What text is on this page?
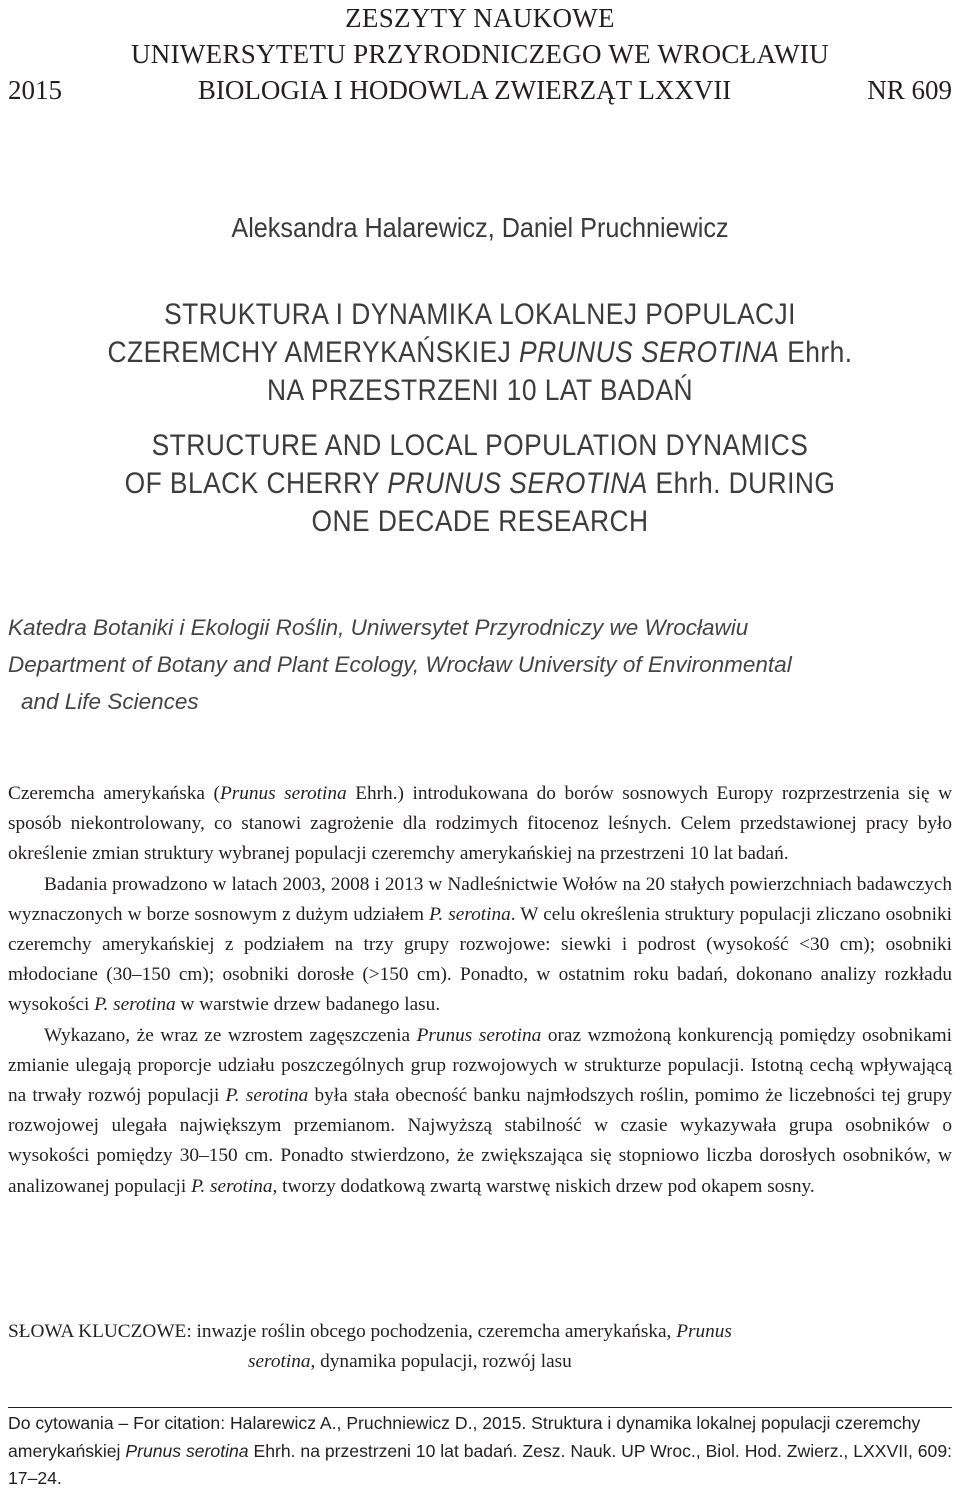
ZESZYTY NAUKOWE
UNIWERSYTETU PRZYRODNICZEGO WE WROCŁAWIU
2015	BIOLOGIA I HODOWLA ZWIERZĄT LXXVII	NR 609
Aleksandra Halarewicz, Daniel Pruchniewicz
STRUKTURA I DYNAMIKA LOKALNEJ POPULACJI
CZEREMCHY AMERYKAŃSKIEJ PRUNUS SEROTINA Ehrh.
NA PRZESTRZENI 10 LAT BADAŃ
STRUCTURE AND LOCAL POPULATION DYNAMICS
OF BLACK CHERRY PRUNUS SEROTINA Ehrh. DURING
ONE DECADE RESEARCH
Katedra Botaniki i Ekologii Roślin, Uniwersytet Przyrodniczy we Wrocławiu
Department of Botany and Plant Ecology, Wrocław University of Environmental
and Life Sciences

Czeremcha amerykańska (Prunus serotina Ehrh.) introdukowana do borów sosnowych Europy rozprzestrzenia się w sposób niekontrolowany, co stanowi zagrożenie dla rodzimych fitocenoz leśnych. Celem przedstawionej pracy było określenie zmian struktury wybranej populacji czeremchy amerykańskiej na przestrzeni 10 lat badań.

Badania prowadzono w latach 2003, 2008 i 2013 w Nadleśnictwie Wołów na 20 stałych powierzchniach badawczych wyznaczonych w borze sosnowym z dużym udziałem P. serotina. W celu określenia struktury populacji zliczano osobniki czeremchy amerykańskiej z podziałem na trzy grupy rozwojowe: siewki i podrost (wysokość <30 cm); osobniki młodociane (30–150 cm); osobniki dorosłe (>150 cm). Ponadto, w ostatnim roku badań, dokonano analizy rozkładu wysokości P. serotina w warstwie drzew badanego lasu.

Wykazano, że wraz ze wzrostem zagęszczenia Prunus serotina oraz wzmożoną konkurencją pomiędzy osobnikami zmianie ulegają proporcje udziału poszczególnych grup rozwojowych w strukturze populacji. Istotną cechą wpływającą na trwały rozwój populacji P. serotina była stała obecność banku najmłodszych roślin, pomimo że liczebności tej grupy rozwojowej ulegała największym przemianom. Najwyższą stabilność w czasie wykazywała grupa osobników o wysokości pomiędzy 30–150 cm. Ponadto stwierdzono, że zwiększająca się stopniowo liczba dorosłych osobników, w analizowanej populacji P. serotina, tworzy dodatkową zwartą warstwę niskich drzew pod okapem sosny.

SŁOWA KLUCZOWE: inwazje roślin obcego pochodzenia, czeremcha amerykańska, Prunus
serotina, dynamika populacji, rozwój lasu
Do cytowania – For citation: Halarewicz A., Pruchniewicz D., 2015. Struktura i dynamika lokalnej populacji czeremchy amerykańskiej Prunus serotina Ehrh. na przestrzeni 10 lat badań. Zesz. Nauk. UP Wroc., Biol. Hod. Zwierz., LXXVII, 609: 17–24.
